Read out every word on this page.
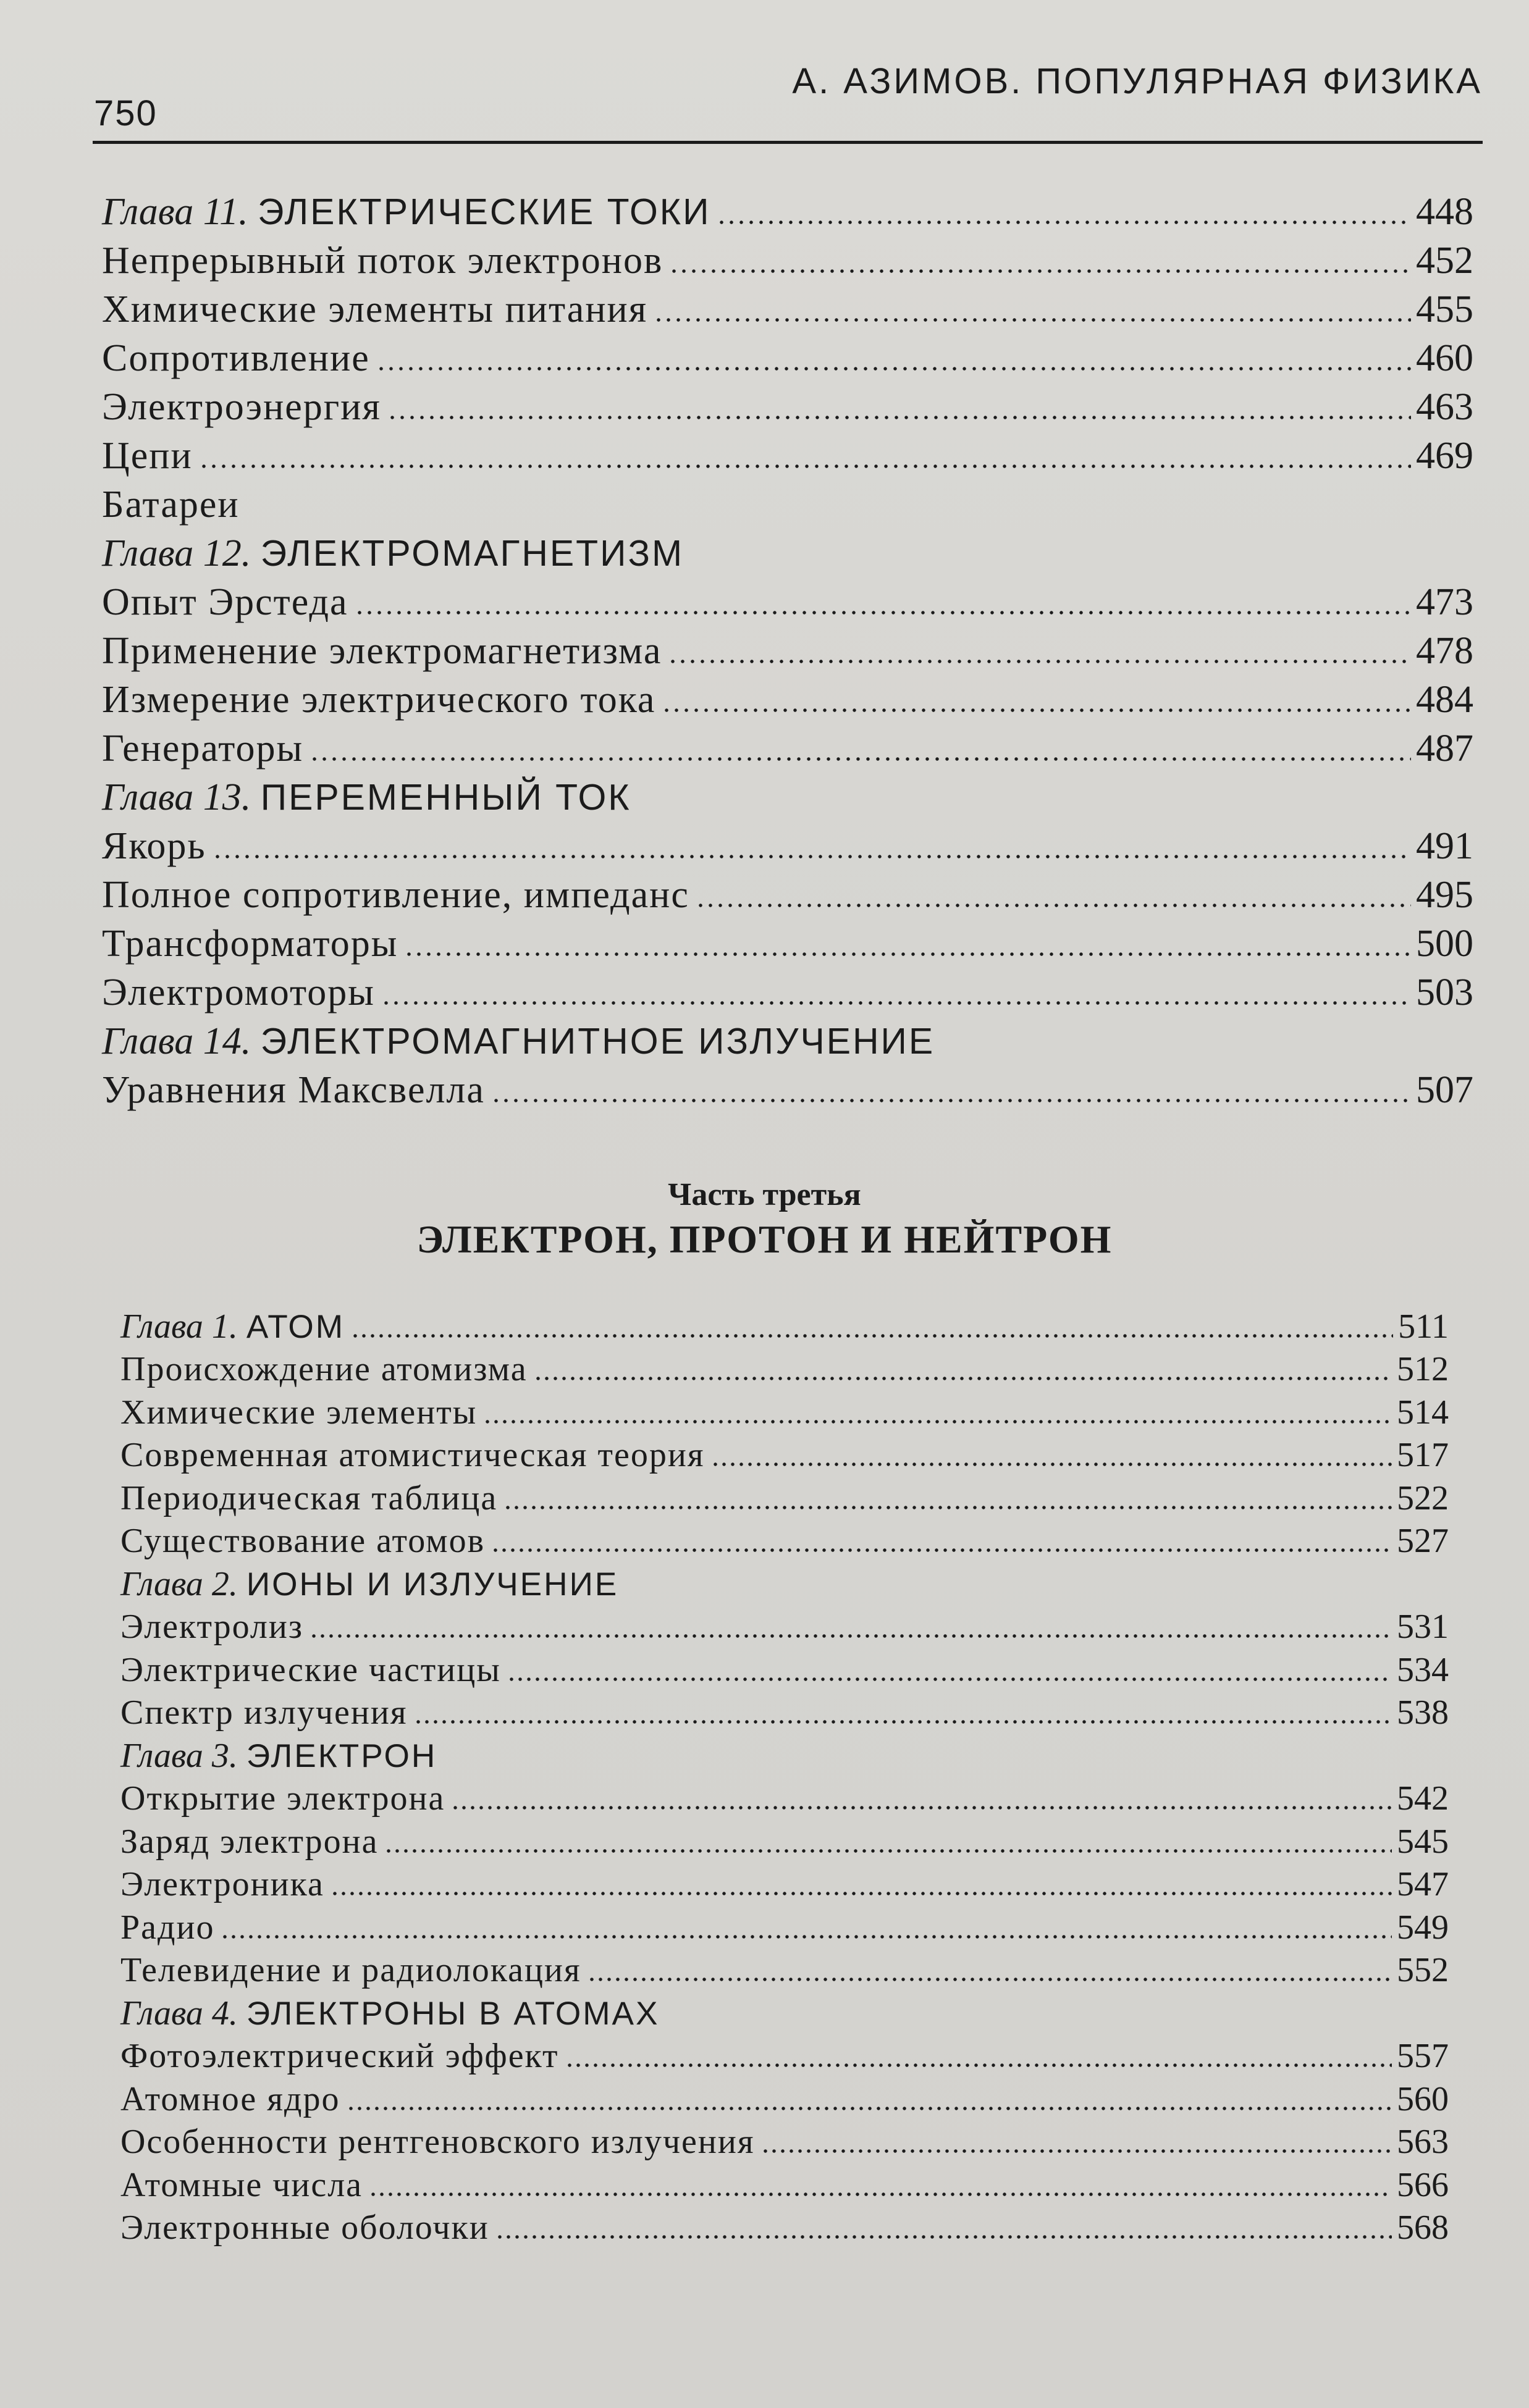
750
А. АЗИМОВ. ПОПУЛЯРНАЯ ФИЗИКА
Глава 11. ЭЛЕКТРИЧЕСКИЕ ТОКИ	448
Непрерывный поток электронов	452
Химические элементы питания	455
Сопротивление	460
Электроэнергия	463
Цепи	469
Батареи
Глава 12. ЭЛЕКТРОМАГНЕТИЗМ
Опыт Эрстеда	473
Применение электромагнетизма	478
Измерение электрического тока	484
Генераторы	487
Глава 13. ПЕРЕМЕННЫЙ ТОК
Якорь	491
Полное сопротивление, импеданс	495
Трансформаторы	500
Электромоторы	503
Глава 14. ЭЛЕКТРОМАГНИТНОЕ ИЗЛУЧЕНИЕ
Уравнения Максвелла	507
Часть третья
ЭЛЕКТРОН, ПРОТОН И НЕЙТРОН
Глава 1. АТОМ	511
Происхождение атомизма	512
Химические элементы	514
Современная атомистическая теория	517
Периодическая таблица	522
Существование атомов	527
Глава 2. ИОНЫ И ИЗЛУЧЕНИЕ
Электролиз	531
Электрические частицы	534
Спектр излучения	538
Глава 3. ЭЛЕКТРОН
Открытие электрона	542
Заряд электрона	545
Электроника	547
Радио	549
Телевидение и радиолокация	552
Глава 4. ЭЛЕКТРОНЫ В АТОМАХ
Фотоэлектрический эффект	557
Атомное ядро	560
Особенности рентгеновского излучения	563
Атомные числа	566
Электронные оболочки	568
